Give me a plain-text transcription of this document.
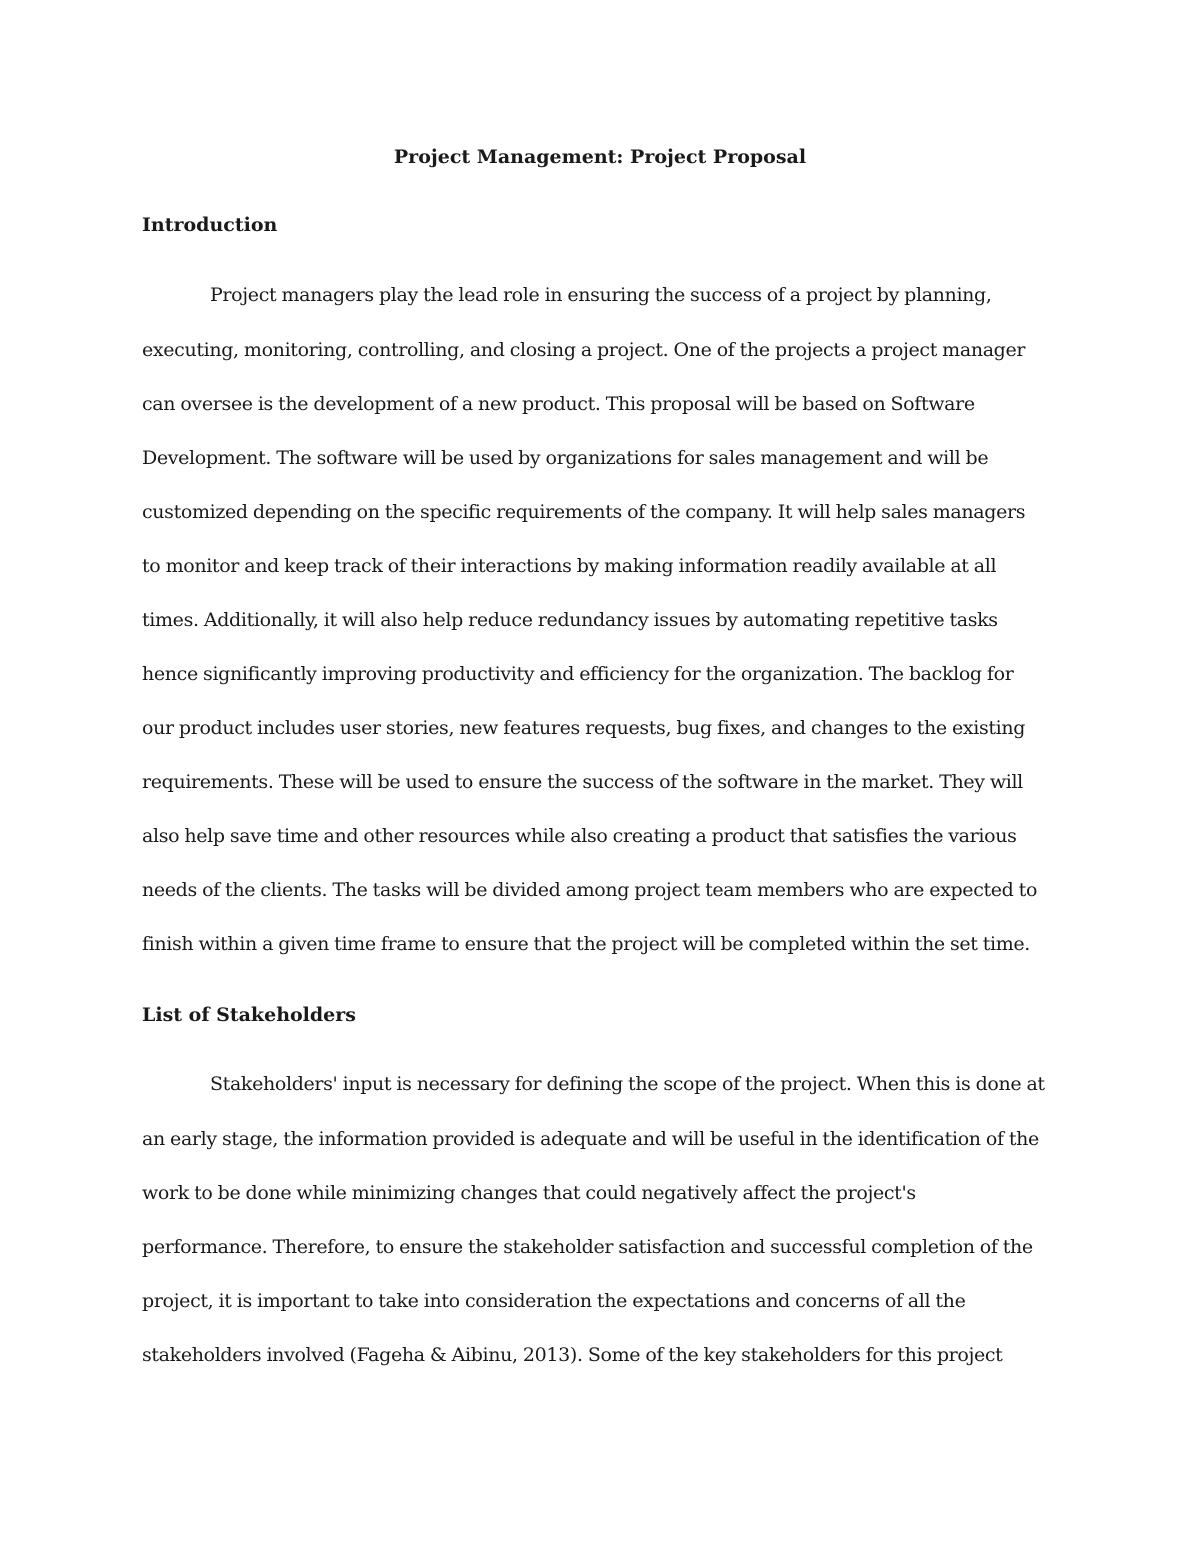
Project Management: Project Proposal
Introduction
Project managers play the lead role in ensuring the success of a project by planning,
executing, monitoring, controlling, and closing a project. One of the projects a project manager
can oversee is the development of a new product. This proposal will be based on Software
Development. The software will be used by organizations for sales management and will be
customized depending on the specific requirements of the company. It will help sales managers
to monitor and keep track of their interactions by making information readily available at all
times. Additionally, it will also help reduce redundancy issues by automating repetitive tasks
hence significantly improving productivity and efficiency for the organization. The backlog for
our product includes user stories, new features requests, bug fixes, and changes to the existing
requirements. These will be used to ensure the success of the software in the market. They will
also help save time and other resources while also creating a product that satisfies the various
needs of the clients. The tasks will be divided among project team members who are expected to
finish within a given time frame to ensure that the project will be completed within the set time.
List of Stakeholders
Stakeholders' input is necessary for defining the scope of the project. When this is done at
an early stage, the information provided is adequate and will be useful in the identification of the
work to be done while minimizing changes that could negatively affect the project's
performance. Therefore, to ensure the stakeholder satisfaction and successful completion of the
project, it is important to take into consideration the expectations and concerns of all the
stakeholders involved (Fageha & Aibinu, 2013). Some of the key stakeholders for this project
